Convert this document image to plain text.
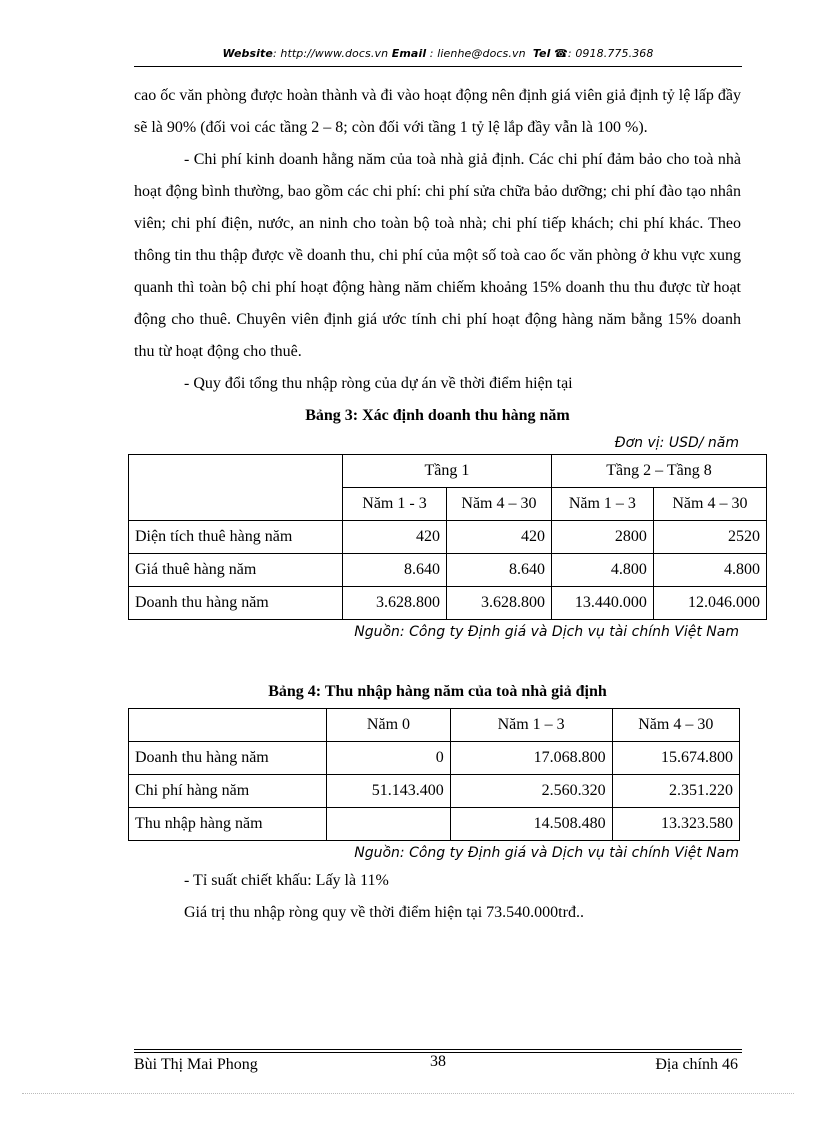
Website: http://www.docs.vn Email : lienhe@docs.vn Tel ☎: 0918.775.368

cao ốc văn phòng được hoàn thành và đi vào hoạt động nên định giá viên giả định tỷ lệ lấp đầy sẽ là 90% (đối voi các tầng 2 – 8; còn đối với tầng 1 tỷ lệ lắp đầy vẫn là 100 %).

- Chi phí kinh doanh hằng năm của toà nhà giả định. Các chi phí đảm bảo cho toà nhà hoạt động bình thường, bao gồm các chi phí: chi phí sửa chữa bảo dưỡng; chi phí đào tạo nhân viên; chi phí điện, nước, an ninh cho toàn bộ toà nhà; chi phí tiếp khách; chi phí khác. Theo thông tin thu thập được về doanh thu, chi phí của một số toà cao ốc văn phòng ở khu vực xung quanh thì toàn bộ chi phí hoạt động hàng năm chiếm khoảng 15% doanh thu thu được từ hoạt động cho thuê. Chuyên viên định giá ước tính chi phí hoạt động hàng năm bằng 15% doanh thu từ hoạt động cho thuê.

- Quy đổi tổng thu nhập ròng của dự án về thời điểm hiện tại

Bảng 3: Xác định doanh thu hàng năm

Đơn vị: USD/ năm

	Tầng 1		Tầng 2 – Tầng 8	
	Năm 1 - 3	Năm 4 – 30	Năm 1 – 3	Năm 4 – 30
Diện tích thuê hàng năm	420	420	2800	2520
Giá thuê hàng năm	8.640	8.640	4.800	4.800
Doanh thu hàng năm	3.628.800	3.628.800	13.440.000	12.046.000

Nguồn: Công ty Định giá và Dịch vụ tài chính Việt Nam

Bảng 4: Thu nhập hàng năm của toà nhà giả định

	Năm 0	Năm 1 – 3	Năm 4 – 30
Doanh thu hàng năm	0	17.068.800	15.674.800
Chi phí hàng năm	51.143.400	2.560.320	2.351.220
Thu nhập hàng năm		14.508.480	13.323.580

Nguồn: Công ty Định giá và Dịch vụ tài chính Việt Nam

- Tỉ suất chiết khấu: Lấy là 11%

Giá trị thu nhập ròng quy về thời điểm hiện tại 73.540.000trđ..

Bùi Thị Mai Phong	38	Địa chính 46
